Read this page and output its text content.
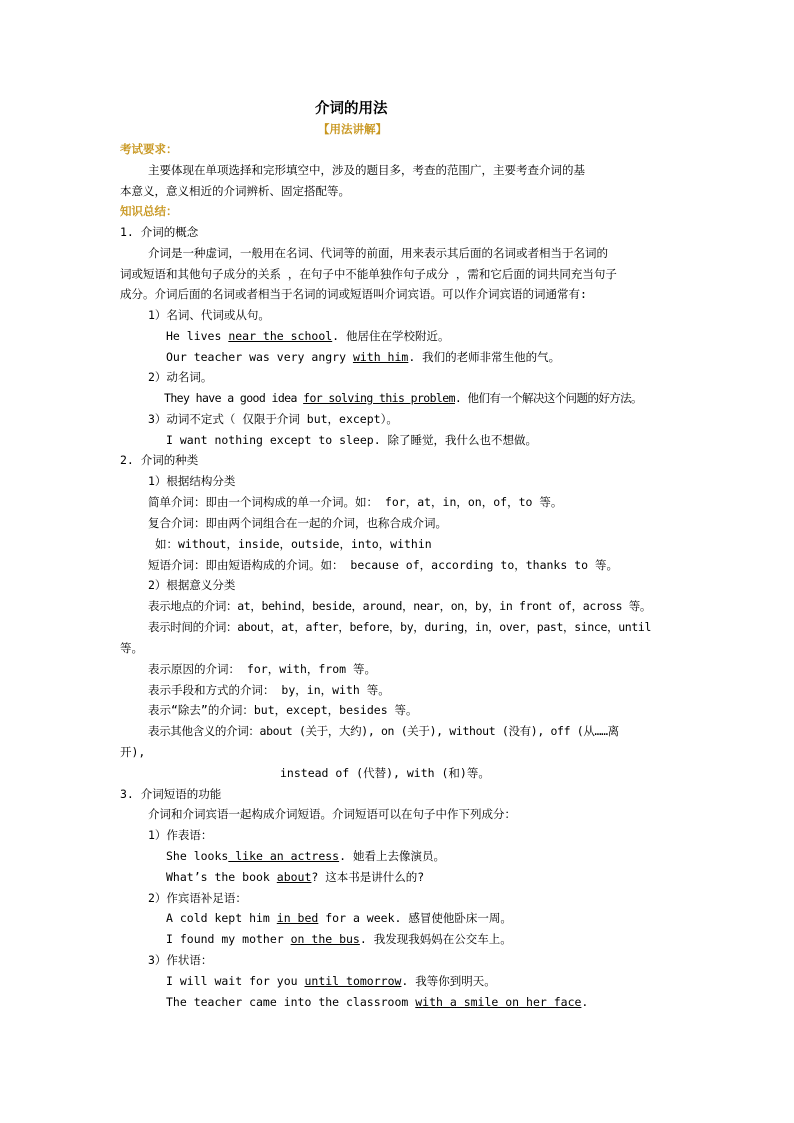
介词的用法
【用法讲解】
考试要求：
主要体现在单项选择和完形填空中，涉及的题目多，考查的范围广，主要考查介词的基
本意义，意义相近的介词辨析、固定搭配等。
知识总结：
1. 介词的概念
介词是一种虚词，一般用在名词、代词等的前面，用来表示其后面的名词或者相当于名词的
词或短语和其他句子成分的关系 ，在句子中不能单独作句子成分 ，需和它后面的词共同充当句子
成分。介词后面的名词或者相当于名词的词或短语叫介词宾语。可以作介词宾语的词通常有:
1）名词、代词或从句。
He lives near the school. 他居住在学校附近。
Our teacher was very angry with him. 我们的老师非常生他的气。
2）动名词。
They have a good idea for solving this problem. 他们有一个解决这个问题的好方法。
3）动词不定式（ 仅限于介词 but，except）。
I want nothing except to sleep. 除了睡觉，我什么也不想做。
2. 介词的种类
1）根据结构分类
简单介词：即由一个词构成的单一介词。如： for，at，in，on，of，to 等。
复合介词：即由两个词组合在一起的介词，也称合成介词。
如：without，inside，outside，into，within
短语介词：即由短语构成的介词。如： because of，according to，thanks to 等。
2）根据意义分类
表示地点的介词：at，behind，beside，around，near，on，by，in front of，across 等。
表示时间的介词：about，at，after，before，by，during，in，over，past，since，until
等。
表示原因的介词： for，with，from 等。
表示手段和方式的介词： by，in，with 等。
表示“除去”的介词：but，except，besides 等。
表示其他含义的介词：about (关于，大约), on (关于), without (没有), off (从……离
开),
instead of (代替), with (和)等。
3. 介词短语的功能
介词和介词宾语一起构成介词短语。介词短语可以在句子中作下列成分：
1）作表语：
She looks like an actress. 她看上去像演员。
What’s the book about? 这本书是讲什么的?
2）作宾语补足语：
A cold kept him in bed for a week. 感冒使他卧床一周。
I found my mother on the bus. 我发现我妈妈在公交车上。
3）作状语：
I will wait for you until tomorrow. 我等你到明天。
The teacher came into the classroom with a smile on her face.
